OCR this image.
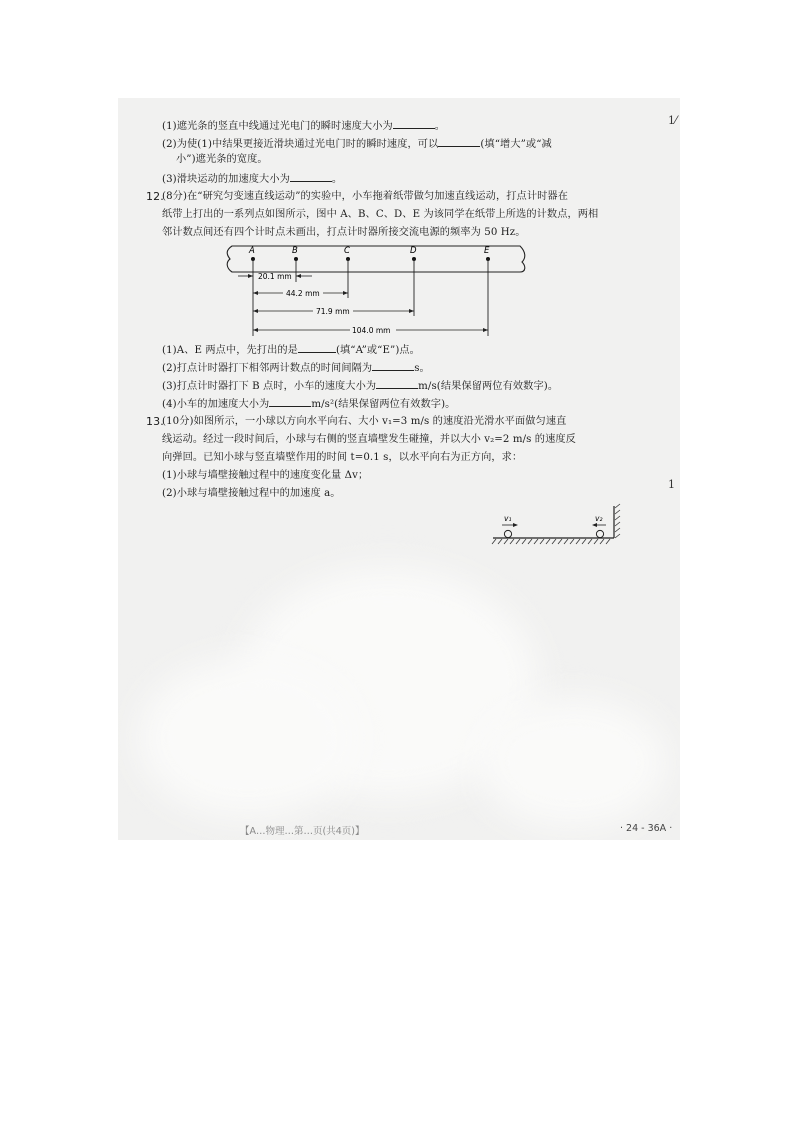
(1)遮光条的竖直中线通过光电门的瞬时速度大小为	。
(2)为使(1)中结果更接近滑块通过光电门时的瞬时速度，可以	(填“增大”或“减
小”)遮光条的宽度。
(3)滑块运动的加速度大小为	。
12.
(8分)在“研究匀变速直线运动”的实验中，小车拖着纸带做匀加速直线运动，打点计时器在
纸带上打出的一系列点如图所示，图中 A、B、C、D、E 为该同学在纸带上所选的计数点，两相
邻计数点间还有四个计时点未画出，打点计时器所接交流电源的频率为 50 Hz。
A	B	C	D	E
20.1 mm
44.2 mm
71.9 mm
104.0 mm
(1)A、E 两点中，先打出的是	(填“A”或“E”)点。
(2)打点计时器打下相邻两计数点的时间间隔为	s。
(3)打点计时器打下 B 点时，小车的速度大小为	m/s(结果保留两位有效数字)。
(4)小车的加速度大小为	m/s²(结果保留两位有效数字)。
13.
(10分)如图所示，一小球以方向水平向右、大小 v₁=3 m/s 的速度沿光滑水平面做匀速直
线运动。经过一段时间后，小球与右侧的竖直墙壁发生碰撞，并以大小 v₂=2 m/s 的速度反
向弹回。已知小球与竖直墙壁作用的时间 t=0.1 s，以水平向右为正方向，求：
(1)小球与墙壁接触过程中的速度变化量 Δv；
(2)小球与墙壁接触过程中的加速度 a。
v₁	v₂
1⁄
1
【A…物理…第…页(共4页)】	· 24 - 36A ·
